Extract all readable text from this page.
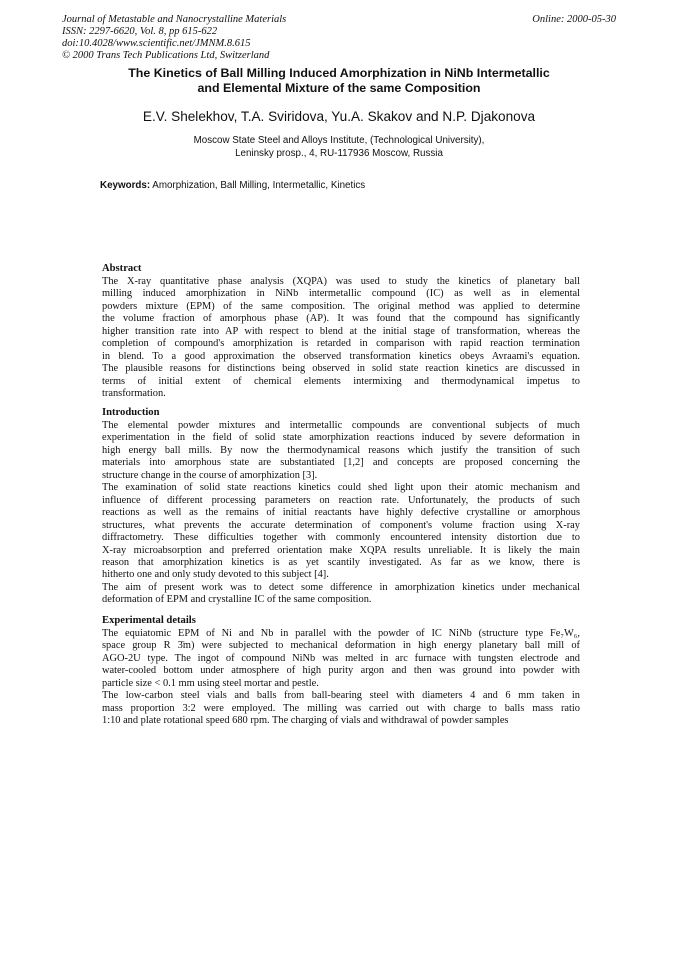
Journal of Metastable and Nanocrystalline Materials
ISSN: 2297-6620, Vol. 8, pp 615-622
doi:10.4028/www.scientific.net/JMNM.8.615
© 2000 Trans Tech Publications Ltd, Switzerland
Online: 2000-05-30
The Kinetics of Ball Milling Induced Amorphization in NiNb Intermetallic
and Elemental Mixture of the same Composition
E.V. Shelekhov, T.A. Sviridova, Yu.A. Skakov and N.P. Djakonova
Moscow State Steel and Alloys Institute, (Technological University),
Leninsky prosp., 4, RU-117936 Moscow, Russia
Keywords: Amorphization, Ball Milling, Intermetallic, Kinetics
Abstract
The X-ray quantitative phase analysis (XQPA) was used to study the kinetics of planetary ball
milling induced amorphization in NiNb intermetallic compound (IC) as well as in elemental
powders mixture (EPM) of the same composition. The original method was applied to determine
the volume fraction of amorphous phase (AP). It was found that the compound has significantly
higher transition rate into AP with respect to blend at the initial stage of transformation, whereas the
completion of compound's amorphization is retarded in comparison with rapid reaction termination
in blend. To a good approximation the observed transformation kinetics obeys Avraami's equation.
The plausible reasons for distinctions being observed in solid state reaction kinetics are discussed in
terms of initial extent of chemical elements intermixing and thermodynamical impetus to
transformation.
Introduction
The elemental powder mixtures and intermetallic compounds are conventional subjects of much
experimentation in the field of solid state amorphization reactions induced by severe deformation in
high energy ball mills. By now the thermodynamical reasons which justify the transition of such
materials into amorphous state are substantiated [1,2] and concepts are proposed concerning the
structure change in the course of amorphization [3].
The examination of solid state reactions kinetics could shed light upon their atomic mechanism and
influence of different processing parameters on reaction rate. Unfortunately, the products of such
reactions as well as the remains of initial reactants have highly defective crystalline or amorphous
structures, what prevents the accurate determination of component's volume fraction using X-ray
diffractometry. These difficulties together with commonly encountered intensity distortion due to
X-ray microabsorption and preferred orientation make XQPA results unreliable. It is likely the main
reason that amorphization kinetics is as yet scantily investigated. As far as we know, there is
hitherto one and only study devoted to this subject [4].
The aim of present work was to detect some difference in amorphization kinetics under mechanical
deformation of EPM and crystalline IC of the same composition.
Experimental details
The equiatomic EPM of Ni and Nb in parallel with the powder of IC NiNb (structure type Fe₇W₆,
space group R 3̄m) were subjected to mechanical deformation in high energy planetary ball mill of
AGO-2U type. The ingot of compound NiNb was melted in arc furnace with tungsten electrode and
water-cooled bottom under atmosphere of high purity argon and then was ground into powder with
particle size < 0.1 mm using steel mortar and pestle.
The low-carbon steel vials and balls from ball-bearing steel with diameters 4 and 6 mm taken in
mass proportion 3:2 were employed. The milling was carried out with charge to balls mass ratio
1:10 and plate rotational speed 680 rpm. The charging of vials and withdrawal of powder samples
